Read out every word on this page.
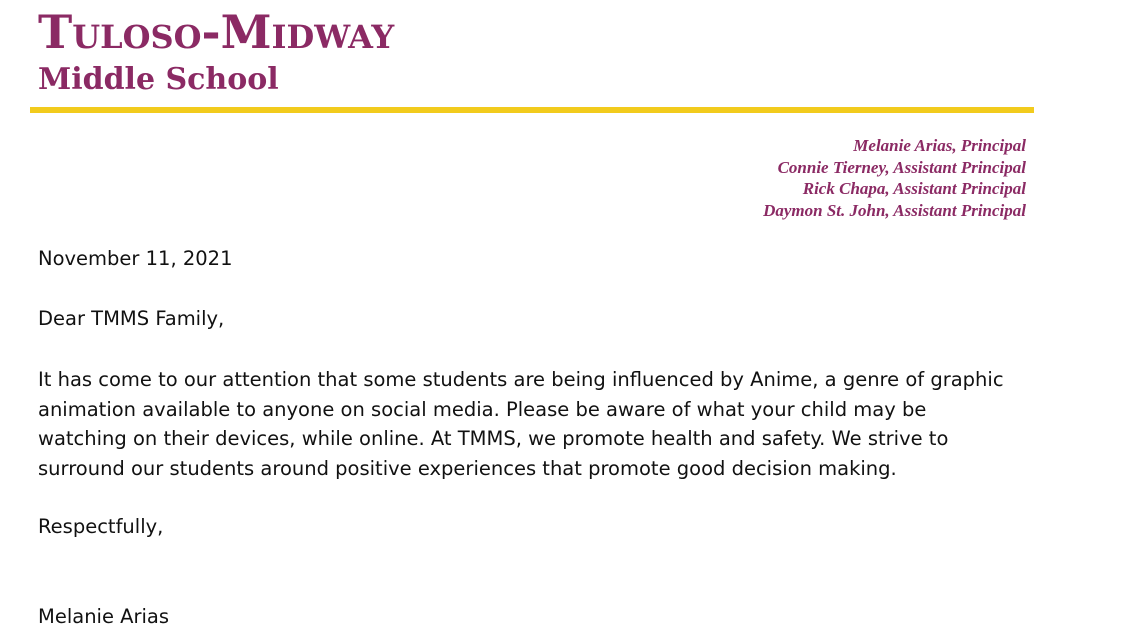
Tuloso-Midway
Middle School
Melanie Arias, Principal
Connie Tierney, Assistant Principal
Rick Chapa, Assistant Principal
Daymon St. John, Assistant Principal

November 11, 2021

Dear TMMS Family,

It has come to our attention that some students are being influenced by Anime, a genre of graphic
animation available to anyone on social media. Please be aware of what your child may be
watching on their devices, while online. At TMMS, we promote health and safety. We strive to
surround our students around positive experiences that promote good decision making.

Respectfully,

Melanie Arias
